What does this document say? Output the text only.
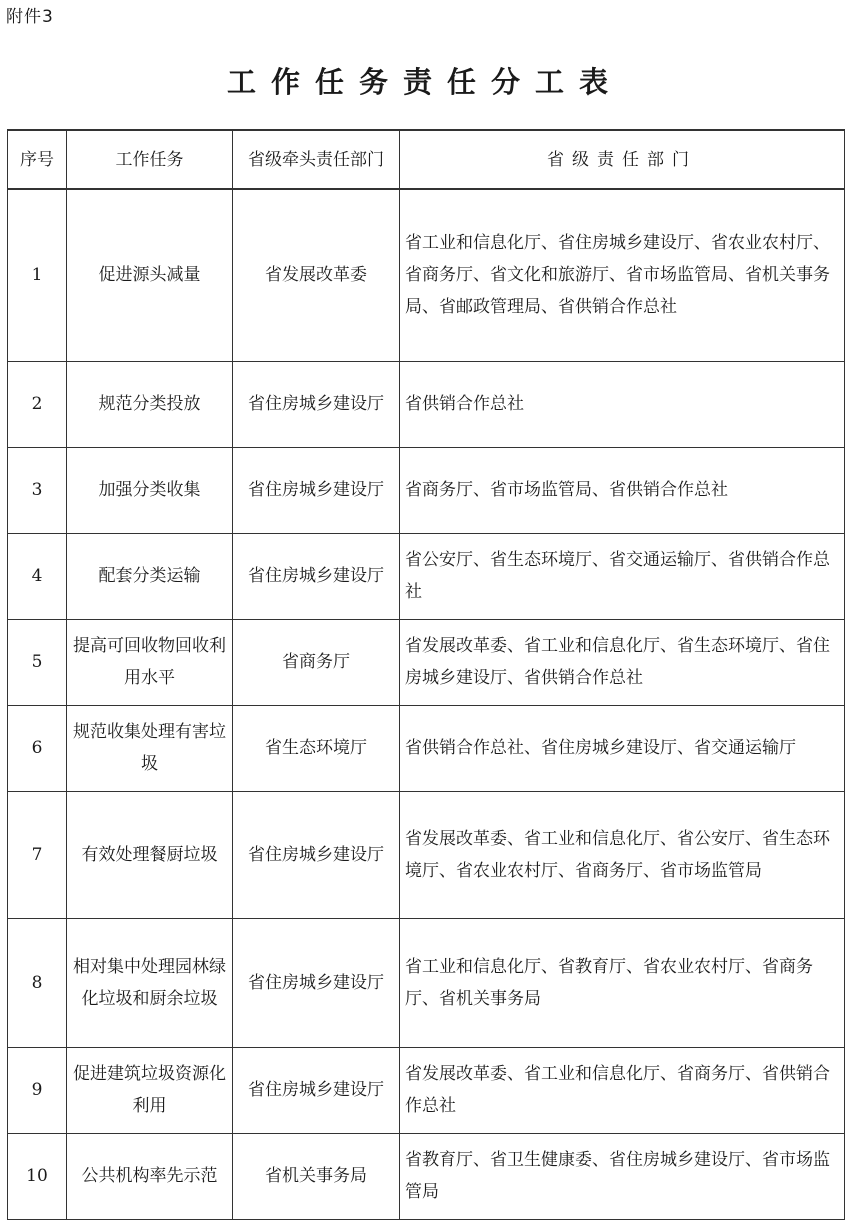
附件3
工作任务责任分工表
序号	工作任务	省级牵头责任部门	省级责任部门
1	促进源头减量	省发展改革委	省工业和信息化厅、省住房城乡建设厅、省农业农村厅、省商务厅、省文化和旅游厅、省市场监管局、省机关事务局、省邮政管理局、省供销合作总社
2	规范分类投放	省住房城乡建设厅	省供销合作总社
3	加强分类收集	省住房城乡建设厅	省商务厅、省市场监管局、省供销合作总社
4	配套分类运输	省住房城乡建设厅	省公安厅、省生态环境厅、省交通运输厅、省供销合作总社
5	提高可回收物回收利用水平	省商务厅	省发展改革委、省工业和信息化厅、省生态环境厅、省住房城乡建设厅、省供销合作总社
6	规范收集处理有害垃圾	省生态环境厅	省供销合作总社、省住房城乡建设厅、省交通运输厅
7	有效处理餐厨垃圾	省住房城乡建设厅	省发展改革委、省工业和信息化厅、省公安厅、省生态环境厅、省农业农村厅、省商务厅、省市场监管局
8	相对集中处理园林绿化垃圾和厨余垃圾	省住房城乡建设厅	省工业和信息化厅、省教育厅、省农业农村厅、省商务厅、省机关事务局
9	促进建筑垃圾资源化利用	省住房城乡建设厅	省发展改革委、省工业和信息化厅、省商务厅、省供销合作总社
10	公共机构率先示范	省机关事务局	省教育厅、省卫生健康委、省住房城乡建设厅、省市场监管局
